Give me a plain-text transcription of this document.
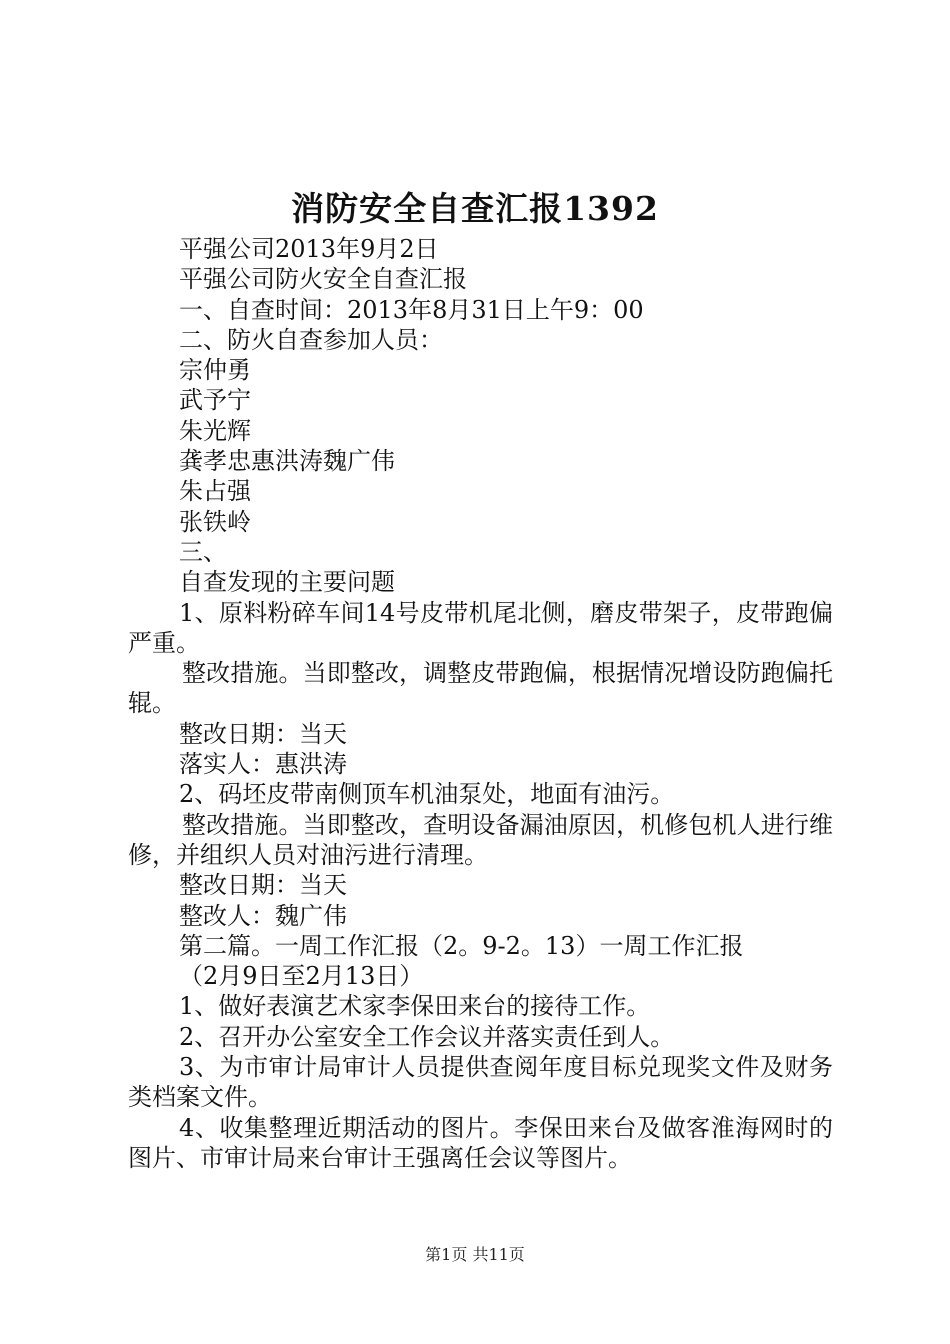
消防安全自查汇报1392

平强公司2013年9月2日

平强公司防火安全自查汇报

一、自查时间：2013年8月31日上午9：00

二、防火自查参加人员：

宗仲勇

武予宁

朱光辉

龚孝忠惠洪涛魏广伟

朱占强

张铁岭

三、

自查发现的主要问题

1、原料粉碎车间14号皮带机尾北侧，磨皮带架子，皮带跑偏严重。

整改措施。当即整改，调整皮带跑偏，根据情况增设防跑偏托辊。

整改日期：当天

落实人：惠洪涛

2、码坯皮带南侧顶车机油泵处，地面有油污。

整改措施。当即整改，查明设备漏油原因，机修包机人进行维修，并组织人员对油污进行清理。

整改日期：当天

整改人：魏广伟

第二篇。一周工作汇报（2。9-2。13）一周工作汇报

（2月9日至2月13日）

1、做好表演艺术家李保田来台的接待工作。

2、召开办公室安全工作会议并落实责任到人。

3、为市审计局审计人员提供查阅年度目标兑现奖文件及财务类档案文件。

4、收集整理近期活动的图片。李保田来台及做客淮海网时的图片、市审计局来台审计王强离任会议等图片。

第1页 共11页
